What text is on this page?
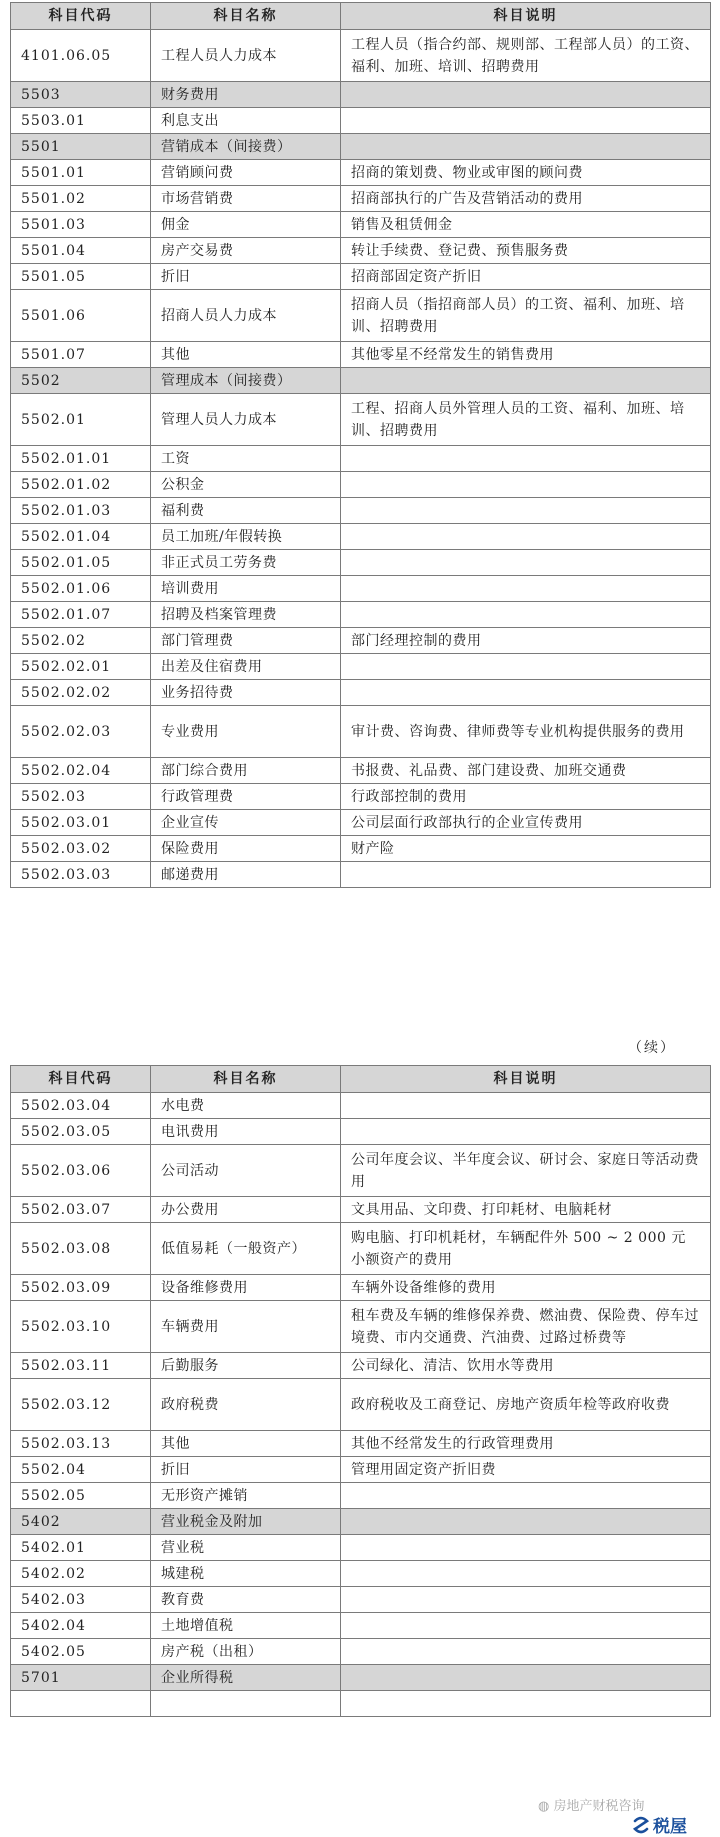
科目代码	科目名称	科目说明
4101.06.05	工程人员人力成本	工程人员（指合约部、规则部、工程部人员）的工资、福利、加班、培训、招聘费用
5503	财务费用	
5503.01	利息支出	
5501	营销成本（间接费）	
5501.01	营销顾问费	招商的策划费、物业或审图的顾问费
5501.02	市场营销费	招商部执行的广告及营销活动的费用
5501.03	佣金	销售及租赁佣金
5501.04	房产交易费	转让手续费、登记费、预售服务费
5501.05	折旧	招商部固定资产折旧
5501.06	招商人员人力成本	招商人员（指招商部人员）的工资、福利、加班、培训、招聘费用
5501.07	其他	其他零星不经常发生的销售费用
5502	管理成本（间接费）	
5502.01	管理人员人力成本	工程、招商人员外管理人员的工资、福利、加班、培训、招聘费用
5502.01.01	工资	
5502.01.02	公积金	
5502.01.03	福利费	
5502.01.04	员工加班/年假转换	
5502.01.05	非正式员工劳务费	
5502.01.06	培训费用	
5502.01.07	招聘及档案管理费	
5502.02	部门管理费	部门经理控制的费用
5502.02.01	出差及住宿费用	
5502.02.02	业务招待费	
5502.02.03	专业费用	审计费、咨询费、律师费等专业机构提供服务的费用
5502.02.04	部门综合费用	书报费、礼品费、部门建设费、加班交通费
5502.03	行政管理费	行政部控制的费用
5502.03.01	企业宣传	公司层面行政部执行的企业宣传费用
5502.03.02	保险费用	财产险
5502.03.03	邮递费用	
（续）
科目代码	科目名称	科目说明
5502.03.04	水电费	
5502.03.05	电讯费用	
5502.03.06	公司活动	公司年度会议、半年度会议、研讨会、家庭日等活动费用
5502.03.07	办公费用	文具用品、文印费、打印耗材、电脑耗材
5502.03.08	低值易耗（一般资产）	购电脑、打印机耗材，车辆配件外 500 ~ 2 000 元小额资产的费用
5502.03.09	设备维修费用	车辆外设备维修的费用
5502.03.10	车辆费用	租车费及车辆的维修保养费、燃油费、保险费、停车过境费、市内交通费、汽油费、过路过桥费等
5502.03.11	后勤服务	公司绿化、清洁、饮用水等费用
5502.03.12	政府税费	政府税收及工商登记、房地产资质年检等政府收费
5502.03.13	其他	其他不经常发生的行政管理费用
5502.04	折旧	管理用固定资产折旧费
5502.05	无形资产摊销	
5402	营业税金及附加	
5402.01	营业税	
5402.02	城建税	
5402.03	教育费	
5402.04	土地增值税	
5402.05	房产税（出租）	
5701	企业所得税	

◍ 房地产财税咨询
税屋
